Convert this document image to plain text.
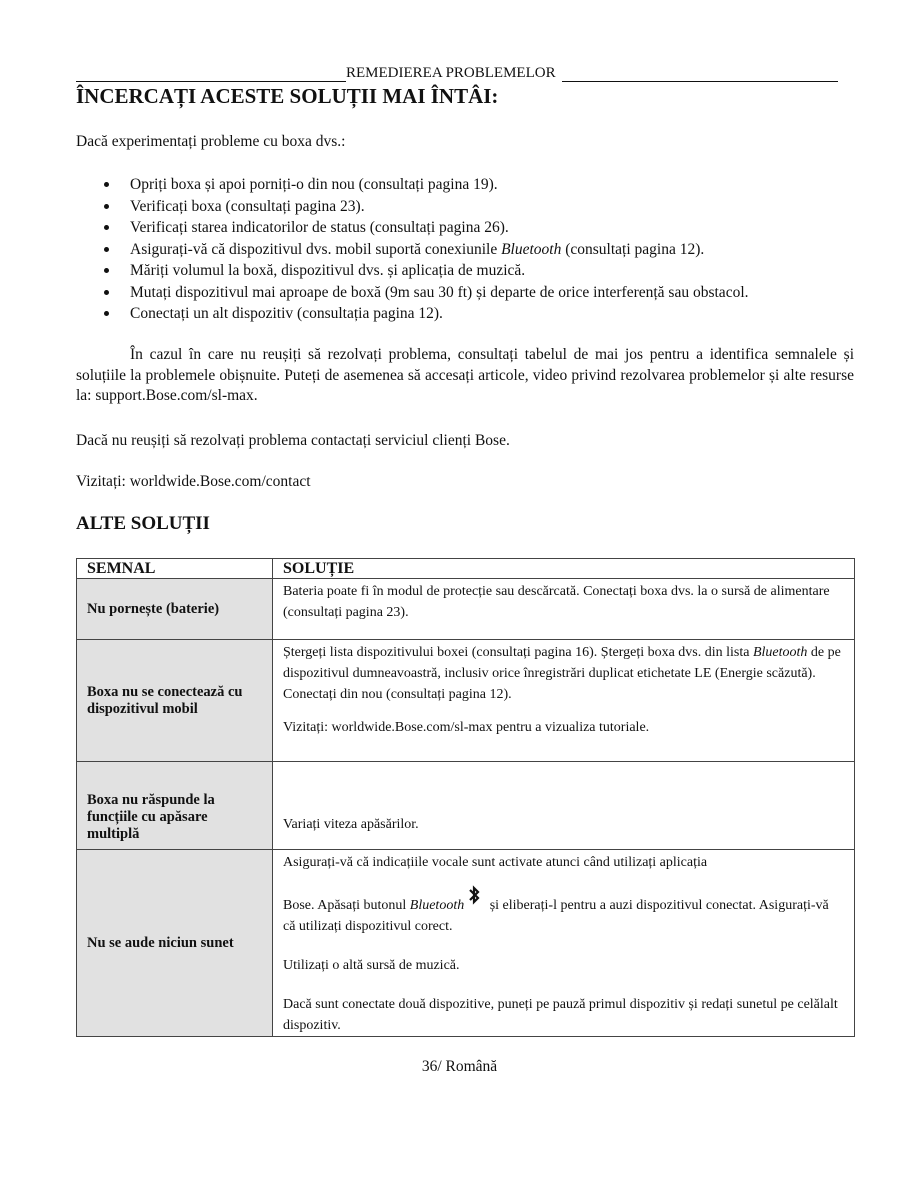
REMEDIEREA PROBLEMELOR
ÎNCERCAȚI ACESTE SOLUȚII MAI ÎNTÂI:

Dacă experimentați probleme cu boxa dvs.:

Opriți boxa și apoi porniți-o din nou (consultați pagina 19).
Verificați boxa (consultați pagina 23).
Verificați starea indicatorilor de status (consultați pagina 26).
Asigurați-vă că dispozitivul dvs. mobil suportă conexiunile Bluetooth (consultați pagina 12).
Măriți volumul la boxă, dispozitivul dvs. și aplicația de muzică.
Mutați dispozitivul mai aproape de boxă (9m sau 30 ft) și departe de orice interferență sau obstacol.
Conectați un alt dispozitiv (consultația pagina 12).

În cazul în care nu reușiți să rezolvați problema, consultați tabelul de mai jos pentru a identifica semnalele și soluțiile la problemele obișnuite. Puteți de asemenea să accesați articole, video privind rezolvarea problemelor și alte resurse la: support.Bose.com/sl-max.

Dacă nu reușiți să rezolvați problema contactați serviciul clienți Bose.

Vizitați: worldwide.Bose.com/contact

ALTE SOLUȚII
SEMNAL	SOLUȚIE
Nu pornește (baterie)	Bateria poate fi în modul de protecție sau descărcată. Conectați boxa dvs. la o sursă de alimentare (consultați pagina 23).

Boxa nu se conectează cu dispozitivul mobil	Ștergeți lista dispozitivului boxei (consultați pagina 16). Ștergeți boxa dvs. din lista Bluetooth de pe dispozitivul dumneavoastră, inclusiv orice înregistrări duplicat etichetate LE (Energie scăzută). Conectați din nou (consultați pagina 12).

Vizitați: worldwide.Bose.com/sl-max pentru a vizualiza tutoriale.

Boxa nu răspunde la funcțiile cu apăsare multiplă	Variați viteza apăsărilor.

Nu se aude niciun sunet	Asigurați-vă că indicațiile vocale sunt activate atunci când utilizați aplicația

Bose. Apăsați butonul Bluetooth și eliberați-l pentru a auzi dispozitivul conectat. Asigurați-vă că utilizați dispozitivul corect.

Utilizați o altă sursă de muzică.

Dacă sunt conectate două dispozitive, puneți pe pauză primul dispozitiv și redați sunetul pe celălalt dispozitiv.

36/ Română
